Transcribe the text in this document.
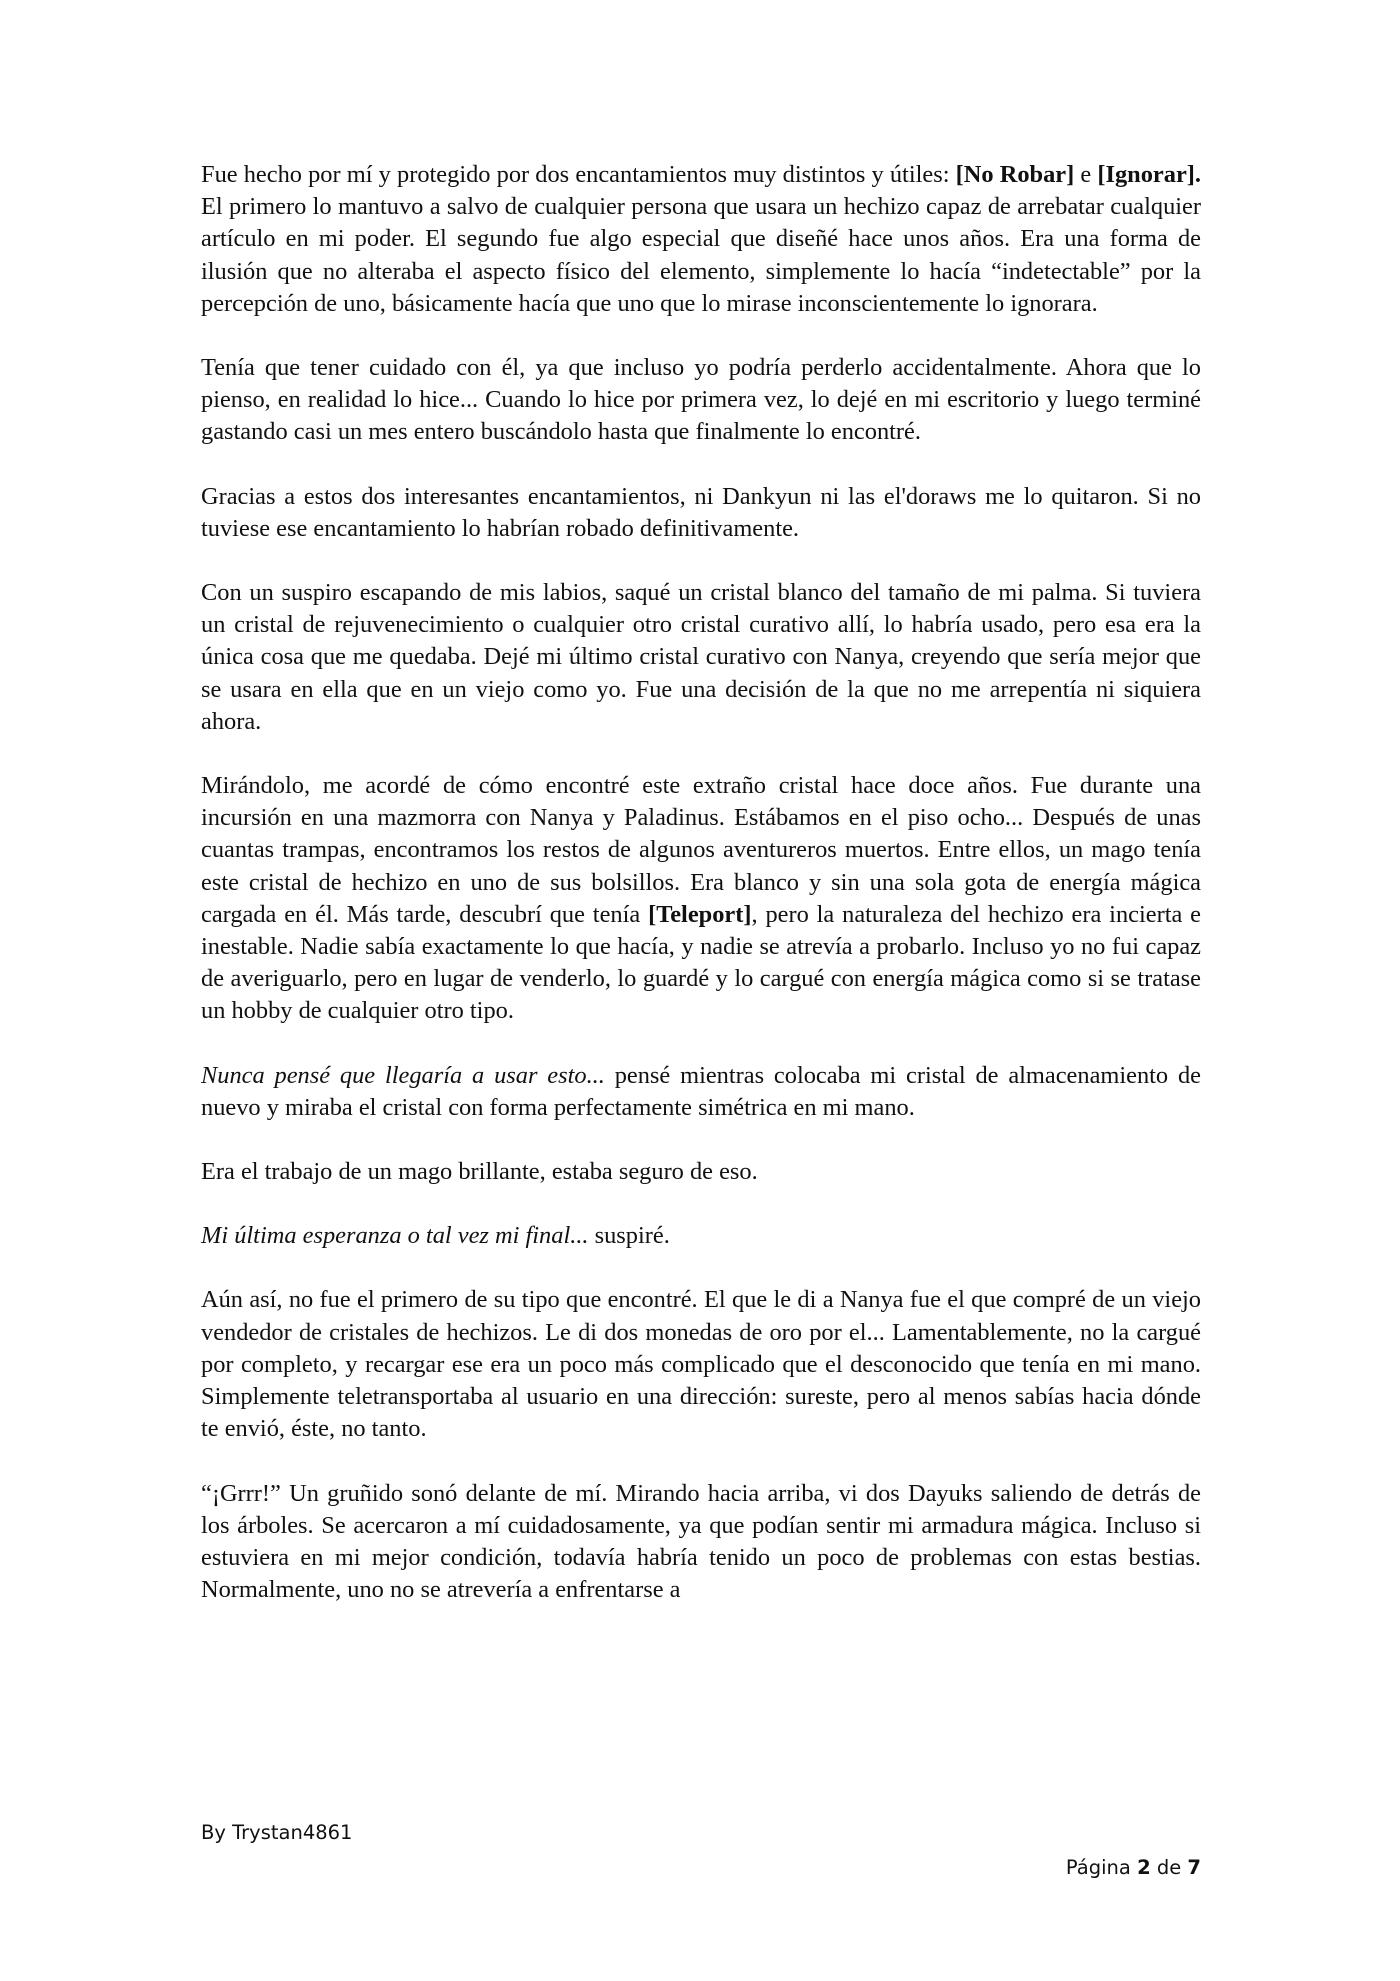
Fue hecho por mí y protegido por dos encantamientos muy distintos y útiles: [No Robar] e [Ignorar]. El primero lo mantuvo a salvo de cualquier persona que usara un hechizo capaz de arrebatar cualquier artículo en mi poder. El segundo fue algo especial que diseñé hace unos años. Era una forma de ilusión que no alteraba el aspecto físico del elemento, simplemente lo hacía “indetectable” por la percepción de uno, básicamente hacía que uno que lo mirase inconscientemente lo ignorara.

Tenía que tener cuidado con él, ya que incluso yo podría perderlo accidentalmente. Ahora que lo pienso, en realidad lo hice... Cuando lo hice por primera vez, lo dejé en mi escritorio y luego terminé gastando casi un mes entero buscándolo hasta que finalmente lo encontré.

Gracias a estos dos interesantes encantamientos, ni Dankyun ni las el'doraws me lo quitaron. Si no tuviese ese encantamiento lo habrían robado definitivamente.

Con un suspiro escapando de mis labios, saqué un cristal blanco del tamaño de mi palma. Si tuviera un cristal de rejuvenecimiento o cualquier otro cristal curativo allí, lo habría usado, pero esa era la única cosa que me quedaba. Dejé mi último cristal curativo con Nanya, creyendo que sería mejor que se usara en ella que en un viejo como yo. Fue una decisión de la que no me arrepentía ni siquiera ahora.

Mirándolo, me acordé de cómo encontré este extraño cristal hace doce años. Fue durante una incursión en una mazmorra con Nanya y Paladinus. Estábamos en el piso ocho... Después de unas cuantas trampas, encontramos los restos de algunos aventureros muertos. Entre ellos, un mago tenía este cristal de hechizo en uno de sus bolsillos. Era blanco y sin una sola gota de energía mágica cargada en él. Más tarde, descubrí que tenía [Teleport], pero la naturaleza del hechizo era incierta e inestable. Nadie sabía exactamente lo que hacía, y nadie se atrevía a probarlo. Incluso yo no fui capaz de averiguarlo, pero en lugar de venderlo, lo guardé y lo cargué con energía mágica como si se tratase un hobby de cualquier otro tipo.

Nunca pensé que llegaría a usar esto... pensé mientras colocaba mi cristal de almacenamiento de nuevo y miraba el cristal con forma perfectamente simétrica en mi mano.

Era el trabajo de un mago brillante, estaba seguro de eso.

Mi última esperanza o tal vez mi final... suspiré.

Aún así, no fue el primero de su tipo que encontré. El que le di a Nanya fue el que compré de un viejo vendedor de cristales de hechizos. Le di dos monedas de oro por el... Lamentablemente, no la cargué por completo, y recargar ese era un poco más complicado que el desconocido que tenía en mi mano. Simplemente teletransportaba al usuario en una dirección: sureste, pero al menos sabías hacia dónde te envió, éste, no tanto.

“¡Grrr!” Un gruñido sonó delante de mí. Mirando hacia arriba, vi dos Dayuks saliendo de detrás de los árboles. Se acercaron a mí cuidadosamente, ya que podían sentir mi armadura mágica. Incluso si estuviera en mi mejor condición, todavía habría tenido un poco de problemas con estas bestias. Normalmente, uno no se atrevería a enfrentarse a

By Trystan4861
Página 2 de 7
